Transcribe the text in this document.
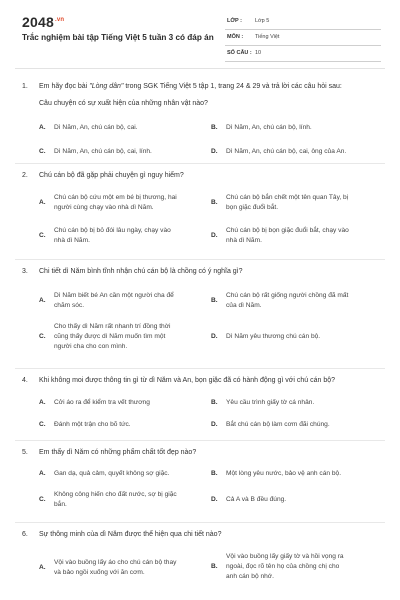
$2048^{.vn}$
Trắc nghiệm bài tập Tiếng Việt 5 tuần 3 có đáp án
LỚP : Lớp 5
MÔN : Tiếng Việt
SỐ CÂU : 10
1. Em hãy đọc bài "Lòng dân" trong SGK Tiếng Việt 5 tập 1, trang 24 & 29 và trả lời các câu hỏi sau:
Câu chuyện có sự xuất hiện của những nhân vật nào?
A. Dì Năm, An, chú cán bộ, cai.	B. Dì Năm, An, chú cán bộ, lính.
C. Dì Năm, An, chú cán bộ, cai, lính.	D. Dì Năm, An, chú cán bộ, cai, ông của An.
2. Chú cán bộ đã gặp phải chuyện gì nguy hiểm?
A.
Chú cán bộ cứu một em bé bị thương, hai
người cùng chạy vào nhà dì Năm.
B.
Chú cán bộ bắn chết một tên quan Tây, bị
bọn giặc đuổi bắt.
C.
Chú cán bộ bị bỏ đói lâu ngày, chạy vào
nhà dì Năm.
D.
Chú cán bộ bị bọn giặc đuổi bắt, chạy vào
nhà dì Năm.
3. Chi tiết dì Năm bình tĩnh nhận chú cán bộ là chồng có ý nghĩa gì?
A.
Dì Năm biết bé An cần một người cha để
chăm sóc.
B.
Chú cán bộ rất giống người chồng đã mất
của dì Năm.
C.
Cho thấy dì Năm rất nhanh trí đồng thời
cũng thấy được dì Năm muốn tìm một
người cha cho con mình.
D. Dì Năm yêu thương chú cán bộ.
4. Khi không moi được thông tin gì từ dì Năm và An, bọn giặc đã có hành động gì với chú cán bộ?
A. Cởi áo ra để kiểm tra vết thương	B. Yêu cầu trình giấy tờ cá nhân.
C. Đánh một trận cho bõ tức.	D. Bắt chú cán bộ làm cơm đãi chúng.
5. Em thấy dì Năm có những phẩm chất tốt đẹp nào?
A. Gan dạ, quả cảm, quyết không sợ giặc.	B. Một lòng yêu nước, bảo vệ anh cán bộ.
C.
Không công hiến cho đất nước, sợ bị giặc
bắn.
D. Cả A và B đều đúng.
6. Sự thông minh của dì Năm được thể hiện qua chi tiết nào?
A.
Vội vào buồng lấy áo cho chú cán bộ thay
và bảo ngồi xuống với ăn cơm.
B.
Vội vào buồng lấy giấy tờ và hồi vọng ra
ngoài, đọc rõ tên họ của chồng chị cho
anh cán bộ nhớ.
